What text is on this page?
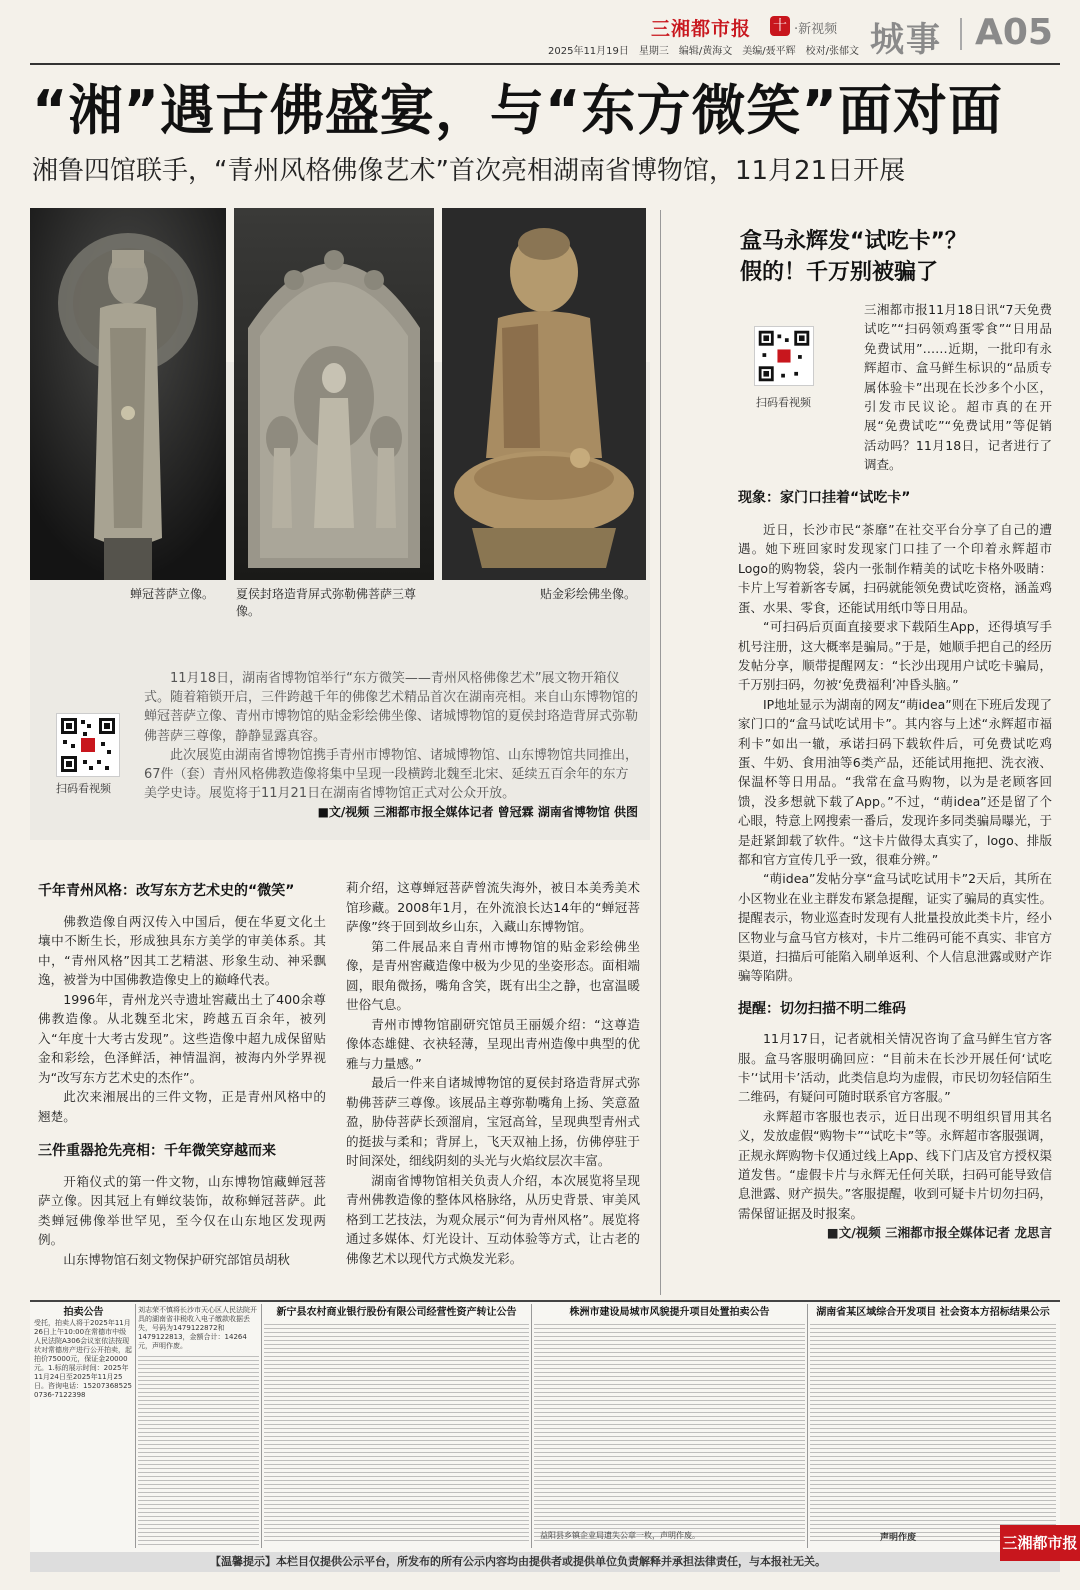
三湘都市报 十 ·新视频 城事 A05
2025年11月19日　星期三　编辑/黄海文　美编/聂平辉　校对/张郁文
“湘”遇古佛盛宴，与“东方微笑”面对面
湘鲁四馆联手，“青州风格佛像艺术”首次亮相湖南省博物馆，11月21日开展
蝉冠菩萨立像。 夏侯封珞造背屏式弥勒佛菩萨三尊像。
贴金彩绘佛坐像。
扫码看视频

11月18日，湖南省博物馆举行“东方微笑——青州风格佛像艺术”展文物开箱仪式。随着箱锁开启，三件跨越千年的佛像艺术精品首次在湖南亮相。来自山东博物馆的蝉冠菩萨立像、青州市博物馆的贴金彩绘佛坐像、诸城博物馆的夏侯封珞造背屏式弥勒佛菩萨三尊像，静静显露真容。

此次展览由湖南省博物馆携手青州市博物馆、诸城博物馆、山东博物馆共同推出，67件（套）青州风格佛教造像将集中呈现一段横跨北魏至北宋、延续五百余年的东方美学史诗。展览将于11月21日在湖南省博物馆正式对公众开放。

■文/视频 三湘都市报全媒体记者 曾冠霖 湖南省博物馆 供图

千年青州风格：改写东方艺术史的“微笑”

佛教造像自两汉传入中国后，便在华夏文化土壤中不断生长，形成独具东方美学的审美体系。其中，“青州风格”因其工艺精湛、形象生动、神采飘逸，被誉为中国佛教造像史上的巅峰代表。

1996年，青州龙兴寺遗址窖藏出土了400余尊佛教造像。从北魏至北宋，跨越五百余年，被列入“年度十大考古发现”。这些造像中超九成保留贴金和彩绘，色泽鲜活，神情温润，被海内外学界视为“改写东方艺术史的杰作”。

此次来湘展出的三件文物，正是青州风格中的翘楚。

三件重器抢先亮相：千年微笑穿越而来

开箱仪式的第一件文物，山东博物馆藏蝉冠菩萨立像。因其冠上有蝉纹装饰，故称蝉冠菩萨。此类蝉冠佛像举世罕见，至今仅在山东地区发现两例。

山东博物馆石刻文物保护研究部馆员胡秋

莉介绍，这尊蝉冠菩萨曾流失海外，被日本美秀美术馆珍藏。2008年1月，在外流浪长达14年的“蝉冠菩萨像”终于回到故乡山东，入藏山东博物馆。

第二件展品来自青州市博物馆的贴金彩绘佛坐像，是青州窖藏造像中极为少见的坐姿形态。面相端圆，眼角微扬，嘴角含笑，既有出尘之静，也富温暖世俗气息。

青州市博物馆副研究馆员王丽媛介绍：“这尊造像体态雄健、衣袂轻薄，呈现出青州造像中典型的优雅与力量感。”

最后一件来自诸城博物馆的夏侯封珞造背屏式弥勒佛菩萨三尊像。该展品主尊弥勒嘴角上扬、笑意盈盈，胁侍菩萨长颈溜肩，宝冠高耸，呈现典型青州式的挺拔与柔和；背屏上，飞天双袖上扬，仿佛停驻于时间深处，细线阴刻的头光与火焰纹层次丰富。

湖南省博物馆相关负责人介绍，本次展览将呈现青州佛教造像的整体风格脉络，从历史背景、审美风格到工艺技法，为观众展示“何为青州风格”。展览将通过多媒体、灯光设计、互动体验等方式，让古老的佛像艺术以现代方式焕发光彩。

盒马永辉发“试吃卡”？
假的！千万别被骗了
扫码看视频

三湘都市报11月18日讯“7天免费试吃”“扫码领鸡蛋零食”“日用品免费试用”……近期，一批印有永辉超市、盒马鲜生标识的“品质专属体验卡”出现在长沙多个小区，引发市民议论。超市真的在开展“免费试吃”“免费试用”等促销活动吗？11月18日，记者进行了调查。

现象：家门口挂着“试吃卡”

近日，长沙市民“茶靡”在社交平台分享了自己的遭遇。她下班回家时发现家门口挂了一个印着永辉超市Logo的购物袋，袋内一张制作精美的试吃卡格外吸睛：卡片上写着新客专属，扫码就能领免费试吃资格，涵盖鸡蛋、水果、零食，还能试用纸巾等日用品。

“可扫码后页面直接要求下载陌生App，还得填写手机号注册，这大概率是骗局。”于是，她顺手把自己的经历发帖分享，顺带提醒网友：“长沙出现用户试吃卡骗局，千万别扫码，勿被‘免费福利’冲昏头脑。”

IP地址显示为湖南的网友“萌idea”则在下班后发现了家门口的“盒马试吃试用卡”。其内容与上述“永辉超市福利卡”如出一辙，承诺扫码下载软件后，可免费试吃鸡蛋、牛奶、食用油等6类产品，还能试用拖把、洗衣液、保温杯等日用品。“我常在盒马购物，以为是老顾客回馈，没多想就下载了App。”不过，“萌idea”还是留了个心眼，特意上网搜索一番后，发现许多同类骗局曝光，于是赶紧卸载了软件。“这卡片做得太真实了，logo、排版都和官方宣传几乎一致，很难分辨。”

“萌idea”发帖分享“盒马试吃试用卡”2天后，其所在小区物业在业主群发布紧急提醒，证实了骗局的真实性。提醒表示，物业巡查时发现有人批量投放此类卡片，经小区物业与盒马官方核对，卡片二维码可能不真实、非官方渠道，扫描后可能陷入刷单返利、个人信息泄露或财产诈骗等陷阱。

提醒：切勿扫描不明二维码

11月17日，记者就相关情况咨询了盒马鲜生官方客服。盒马客服明确回应：“目前未在长沙开展任何‘试吃卡’‘试用卡’活动，此类信息均为虚假，市民切勿轻信陌生二维码，有疑问可随时联系官方客服。”

永辉超市客服也表示，近日出现不明组织冒用其名义，发放虚假“购物卡”“试吃卡”等。永辉超市客服强调，正规永辉购物卡仅通过线上App、线下门店及官方授权渠道发售。“虚假卡片与永辉无任何关联，扫码可能导致信息泄露、财产损失。”客服提醒，收到可疑卡片切勿扫码，需保留证据及时报案。

■文/视频 三湘都市报全媒体记者 龙思言

拍卖公告
受托，拍卖人将于2025年11月26日上午10:00在常德市中级人民法院A306会议室依法按现状对常德房产进行公开拍卖，起拍价75000元，保证金20000元。1.标的展示时间：2025年11月24日至2025年11月25日。咨询电话：15207368525 0736-7122398
刘志荣不慎将长沙市天心区人民法院开具的湖南省非税收入电子缴款收据丢失，号码为1479122872和1479122813，金额合计：14264元，声明作废。
新宁县农村商业银行股份有限公司经营性资产转让公告	株洲市建设局城市风貌提升项目处置拍卖公告	湖南省某区域综合开发项目 社会资本方招标结果公示
益阳县乡镇企业局遗失公章一枚，声明作废。	声明作废
【温馨提示】本栏目仅提供公示平台，所发布的所有公示内容均由提供者或提供单位负责解释并承担法律责任，与本报社无关。
三湘都市报
